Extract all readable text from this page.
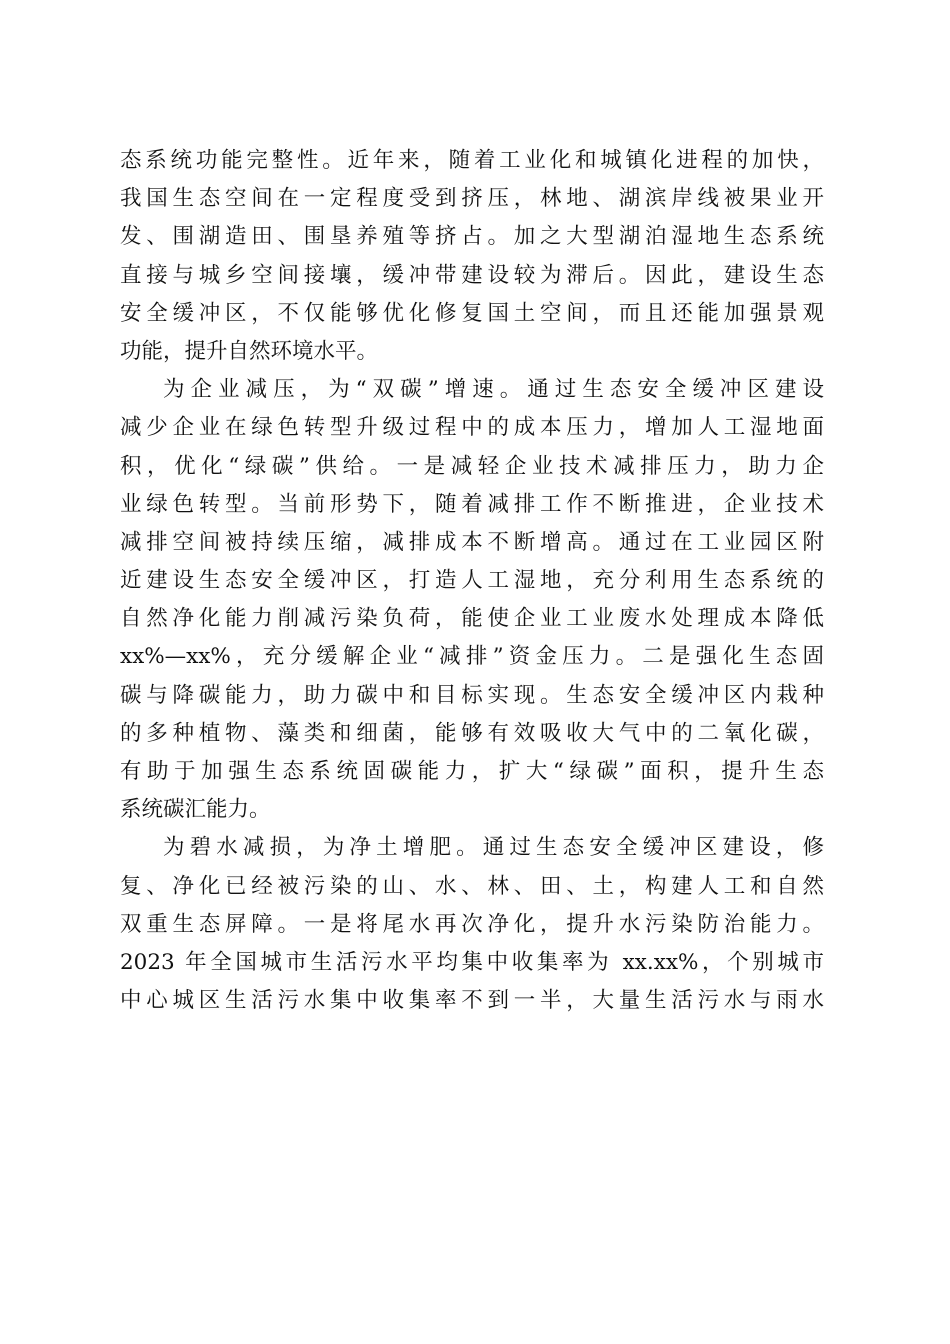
态系统功能完整性。近年来，随着工业化和城镇化进程的加快，
我国生态空间在一定程度受到挤压，林地、湖滨岸线被果业开
发、围湖造田、围垦养殖等挤占。加之大型湖泊湿地生态系统
直接与城乡空间接壤，缓冲带建设较为滞后。因此，建设生态
安全缓冲区，不仅能够优化修复国土空间，而且还能加强景观
功能，提升自然环境水平。
为企业减压，为“双碳”增速。通过生态安全缓冲区建设
减少企业在绿色转型升级过程中的成本压力，增加人工湿地面
积，优化“绿碳”供给。一是减轻企业技术减排压力，助力企
业绿色转型。当前形势下，随着减排工作不断推进，企业技术
减排空间被持续压缩，减排成本不断增高。通过在工业园区附
近建设生态安全缓冲区，打造人工湿地，充分利用生态系统的
自然净化能力削减污染负荷，能使企业工业废水处理成本降低
xx%—xx%，充分缓解企业“减排”资金压力。二是强化生态固
碳与降碳能力，助力碳中和目标实现。生态安全缓冲区内栽种
的多种植物、藻类和细菌，能够有效吸收大气中的二氧化碳，
有助于加强生态系统固碳能力，扩大“绿碳”面积，提升生态
系统碳汇能力。
为碧水减损，为净土增肥。通过生态安全缓冲区建设，修
复、净化已经被污染的山、水、林、田、土，构建人工和自然
双重生态屏障。一是将尾水再次净化，提升水污染防治能力。
2023 年全国城市生活污水平均集中收集率为 xx.xx%，个别城市
中心城区生活污水集中收集率不到一半，大量生活污水与雨水
